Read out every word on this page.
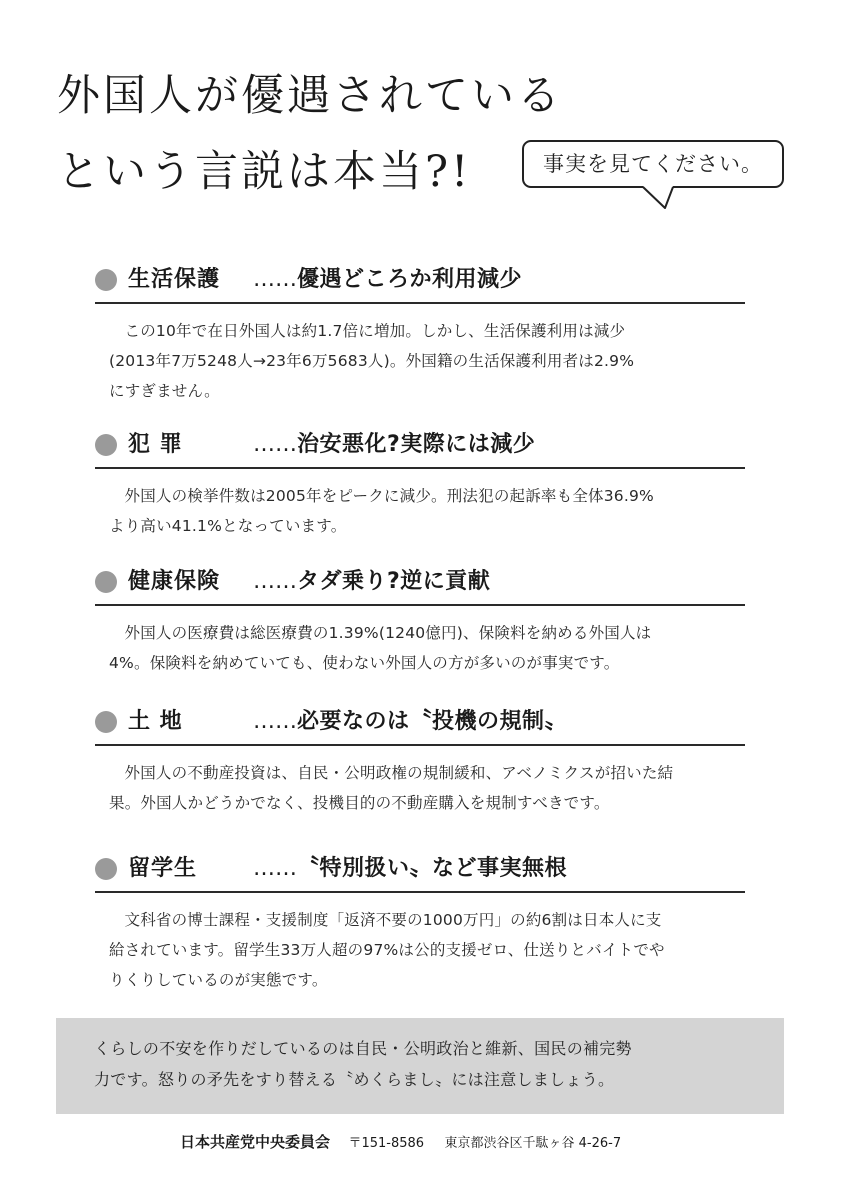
外国人が優遇されている
という言説は本当?!	事実を見てください。
生活保護 ……優遇どころか利用減少

この10年で在日外国人は約1.7倍に増加。しかし、生活保護利用は減少
(2013年7万5248人→23年6万5683人)。外国籍の生活保護利用者は2.9%
にすぎません。

犯 罪	……治安悪化?実際には減少

外国人の検挙件数は2005年をピークに減少。刑法犯の起訴率も全体36.9%
より高い41.1%となっています。

健康保険 ……タダ乗り?逆に貢献

外国人の医療費は総医療費の1.39%(1240億円)、保険料を納める外国人は
4%。保険料を納めていても、使わない外国人の方が多いのが事実です。

土 地	……必要なのは〝投機の規制〟

外国人の不動産投資は、自民・公明政権の規制緩和、アベノミクスが招いた結
果。外国人かどうかでなく、投機目的の不動産購入を規制すべきです。

留学生	……〝特別扱い〟など事実無根

文科省の博士課程・支援制度「返済不要の1000万円」の約6割は日本人に支
給されています。留学生33万人超の97%は公的支援ゼロ、仕送りとバイトでや
りくりしているのが実態です。

くらしの不安を作りだしているのは自民・公明政治と維新、国民の補完勢
力です。怒りの矛先をすり替える〝めくらまし〟には注意しましょう。
日本共産党中央委員会 〒151-8586 東京都渋谷区千駄ヶ谷 4-26-7
